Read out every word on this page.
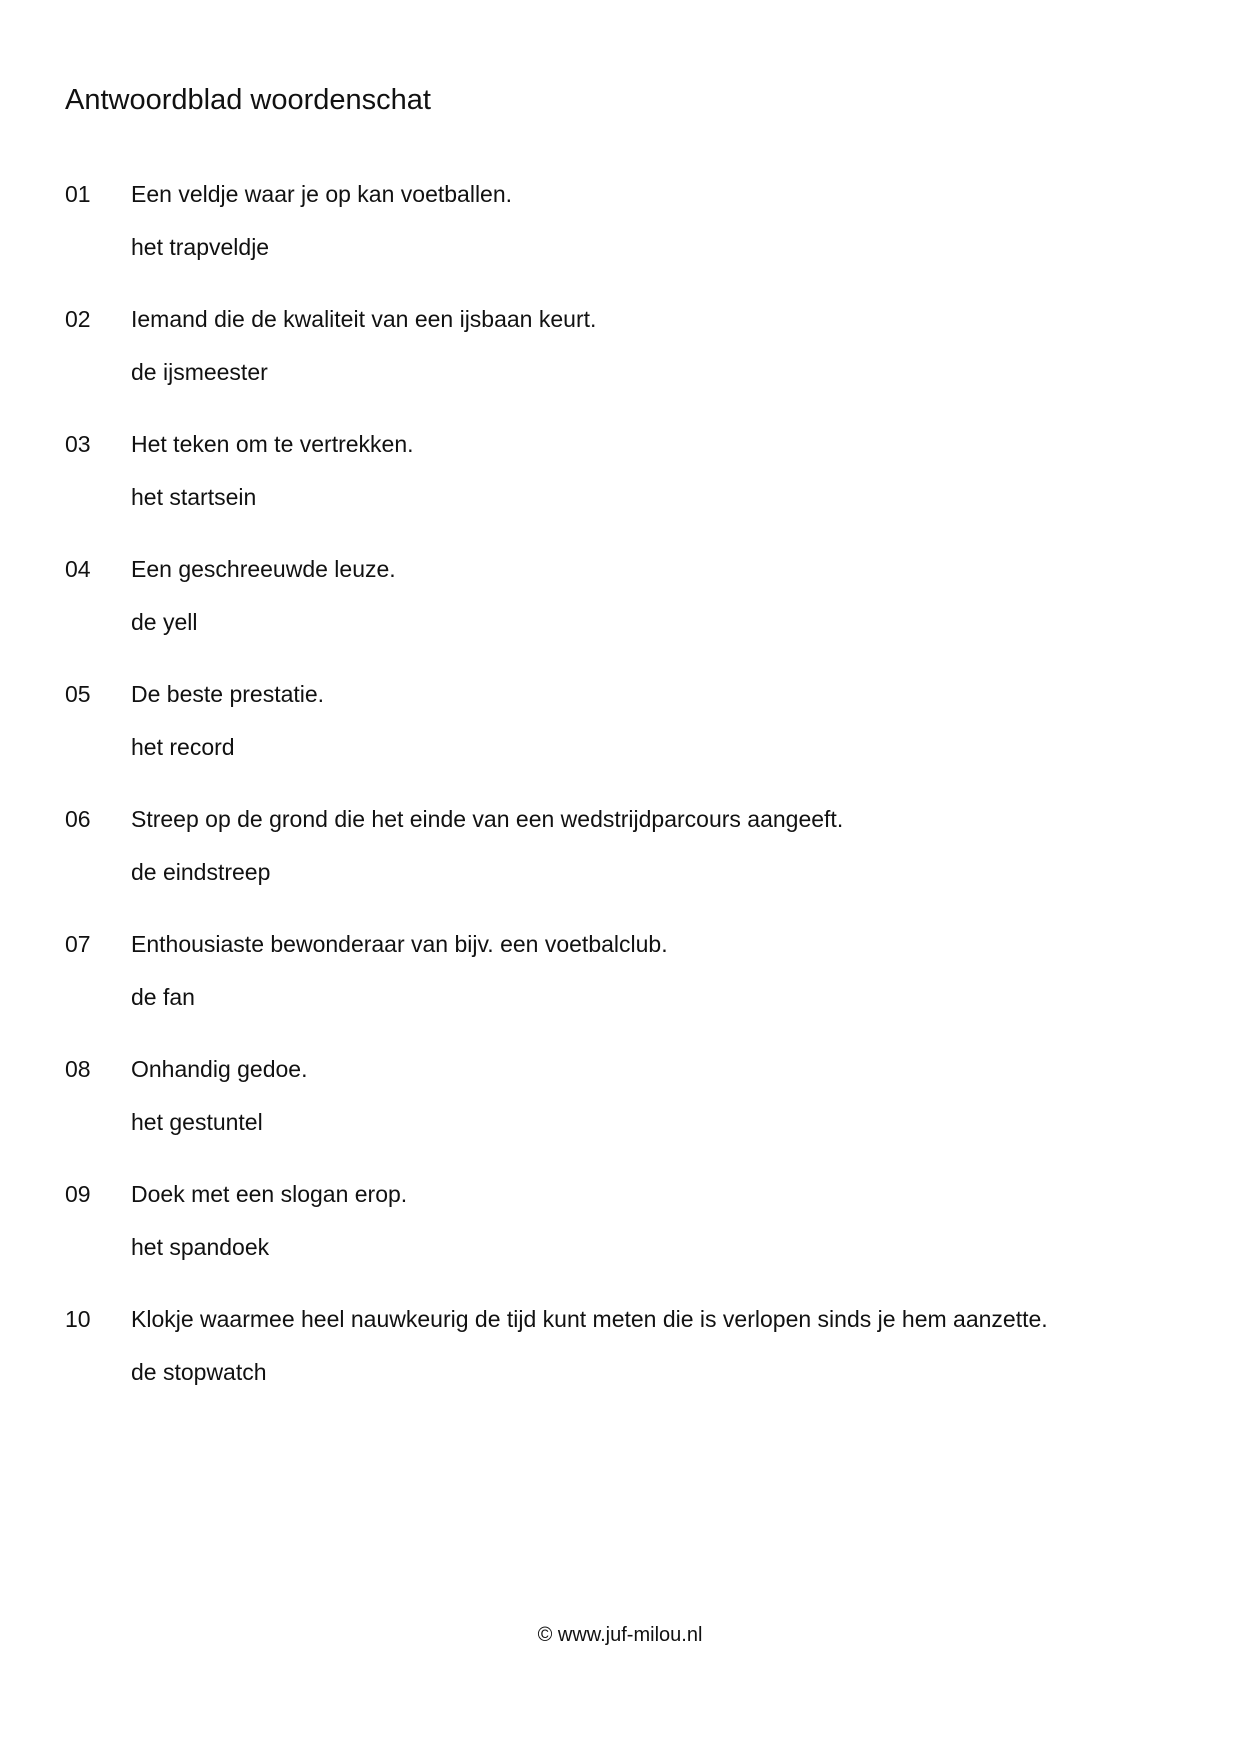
Antwoordblad woordenschat
01 Een veldje waar je op kan voetballen.
het trapveldje
02 Iemand die de kwaliteit van een ijsbaan keurt.
de ijsmeester
03 Het teken om te vertrekken.
het startsein
04 Een geschreeuwde leuze.
de yell
05 De beste prestatie.
het record
06 Streep op de grond die het einde van een wedstrijdparcours aangeeft.
de eindstreep
07 Enthousiaste bewonderaar van bijv. een voetbalclub.
de fan
08 Onhandig gedoe.
het gestuntel
09 Doek met een slogan erop.
het spandoek
10 Klokje waarmee heel nauwkeurig de tijd kunt meten die is verlopen sinds je hem aanzette.
de stopwatch
© www.juf-milou.nl
